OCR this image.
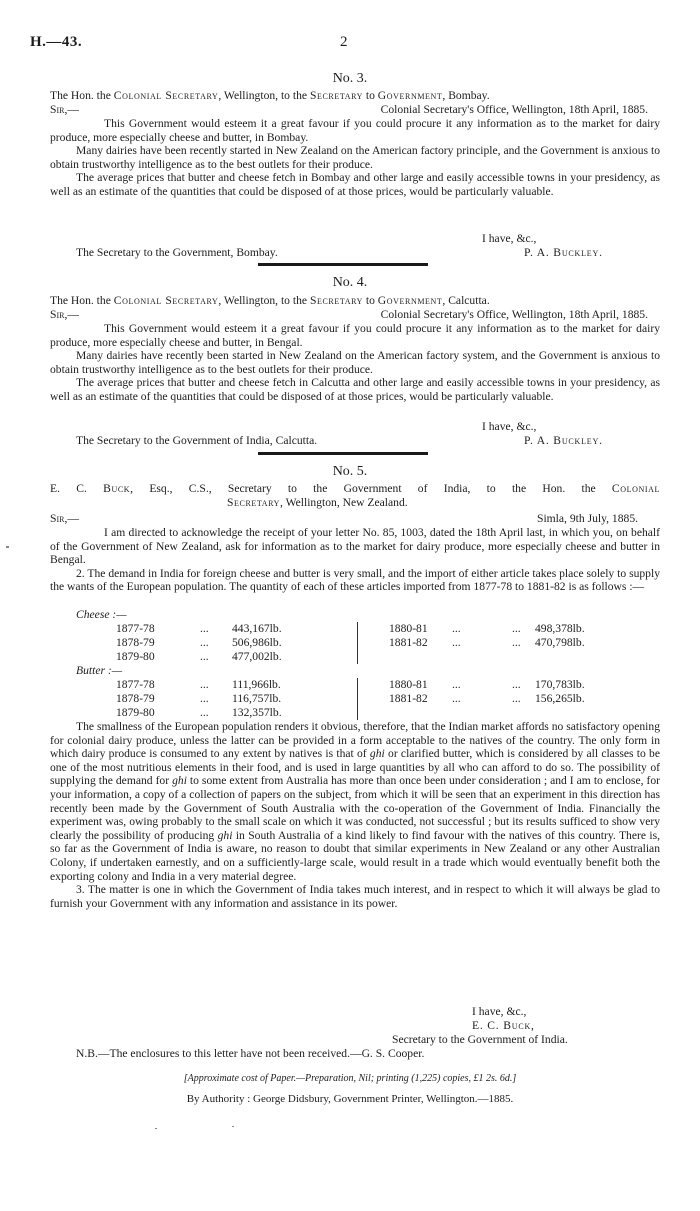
H.—43.	2
No. 3.
The Hon. the Colonial Secretary, Wellington, to the Secretary to Government, Bombay.
Sir,—	Colonial Secretary's Office, Wellington, 18th April, 1885.

This Government would esteem it a great favour if you could procure it any information as to the market for dairy produce, more especially cheese and butter, in Bombay.

Many dairies have been recently started in New Zealand on the American factory principle, and the Government is anxious to obtain trustworthy intelligence as to the best outlets for their produce.

The average prices that butter and cheese fetch in Bombay and other large and easily accessible towns in your presidency, as well as an estimate of the quantities that could be disposed of at those prices, would be particularly valuable.

I have, &c.,
The Secretary to the Government, Bombay.	P. A. Buckley.
No. 4.
The Hon. the Colonial Secretary, Wellington, to the Secretary to Government, Calcutta.
Sir,—	Colonial Secretary's Office, Wellington, 18th April, 1885.

This Government would esteem it a great favour if you could procure it any information as to the market for dairy produce, more especially cheese and butter, in Bengal.

Many dairies have recently been started in New Zealand on the American factory system, and the Government is anxious to obtain trustworthy intelligence as to the best outlets for their produce.

The average prices that butter and cheese fetch in Calcutta and other large and easily accessible towns in your presidency, as well as an estimate of the quantities that could be disposed of at those prices, would be particularly valuable.

I have, &c.,
The Secretary to the Government of India, Calcutta.	P. A. Buckley.
No. 5.
E. C. Buck, Esq., C.S., Secretary to the Government of India, to the Hon. the Colonial
Secretary, Wellington, New Zealand.
Sir,—	Simla, 9th July, 1885.

I am directed to acknowledge the receipt of your letter No. 85, 1003, dated the 18th April last, in which you, on behalf of the Government of New Zealand, ask for information as to the market for dairy produce, more especially cheese and butter in Bengal.

2. The demand in India for foreign cheese and butter is very small, and the import of either article takes place solely to supply the wants of the European population. The quantity of each of these articles imported from 1877-78 to 1881-82 is as follows :—

Cheese :—
1877-78	... 443,167lb.	1880-81 ...	... 498,378lb.
1878-79	... 506,986lb.	1881-82 ...	... 470,798lb.
1879-80	... 477,002lb.
Butter :—
1877-78	... 111,966lb.	1880-81 ...	... 170,783lb.
1878-79	... 116,757lb.	1881-82 ...	... 156,265lb.
1879-80	... 132,357lb.

The smallness of the European population renders it obvious, therefore, that the Indian market affords no satisfactory opening for colonial dairy produce, unless the latter can be provided in a form acceptable to the natives of the country. The only form in which dairy produce is consumed to any extent by natives is that of ghi or clarified butter, which is considered by all classes to be one of the most nutritious elements in their food, and is used in large quantities by all who can afford to do so. The possibility of supplying the demand for ghi to some extent from Australia has more than once been under consideration ; and I am to enclose, for your information, a copy of a collection of papers on the subject, from which it will be seen that an experiment in this direction has recently been made by the Government of South Australia with the co-operation of the Government of India. Financially the experiment was, owing probably to the small scale on which it was conducted, not successful ; but its results sufficed to show very clearly the possibility of producing ghi in South Australia of a kind likely to find favour with the natives of this country. There is, so far as the Government of India is aware, no reason to doubt that similar experiments in New Zealand or any other Australian Colony, if undertaken earnestly, and on a sufficiently-large scale, would result in a trade which would eventually benefit both the exporting colony and India in a very material degree.

3. The matter is one in which the Government of India takes much interest, and in respect to which it will always be glad to furnish your Government with any information and assistance in its power.

I have, &c.,
E. C. Buck,
Secretary to the Government of India.
N.B.—The enclosures to this letter have not been received.—G. S. Cooper.
[Approximate cost of Paper.—Preparation, Nil; printing (1,225) copies, £1 2s. 6d.]
By Authority : George Didsbury, Government Printer, Wellington.—1885.
